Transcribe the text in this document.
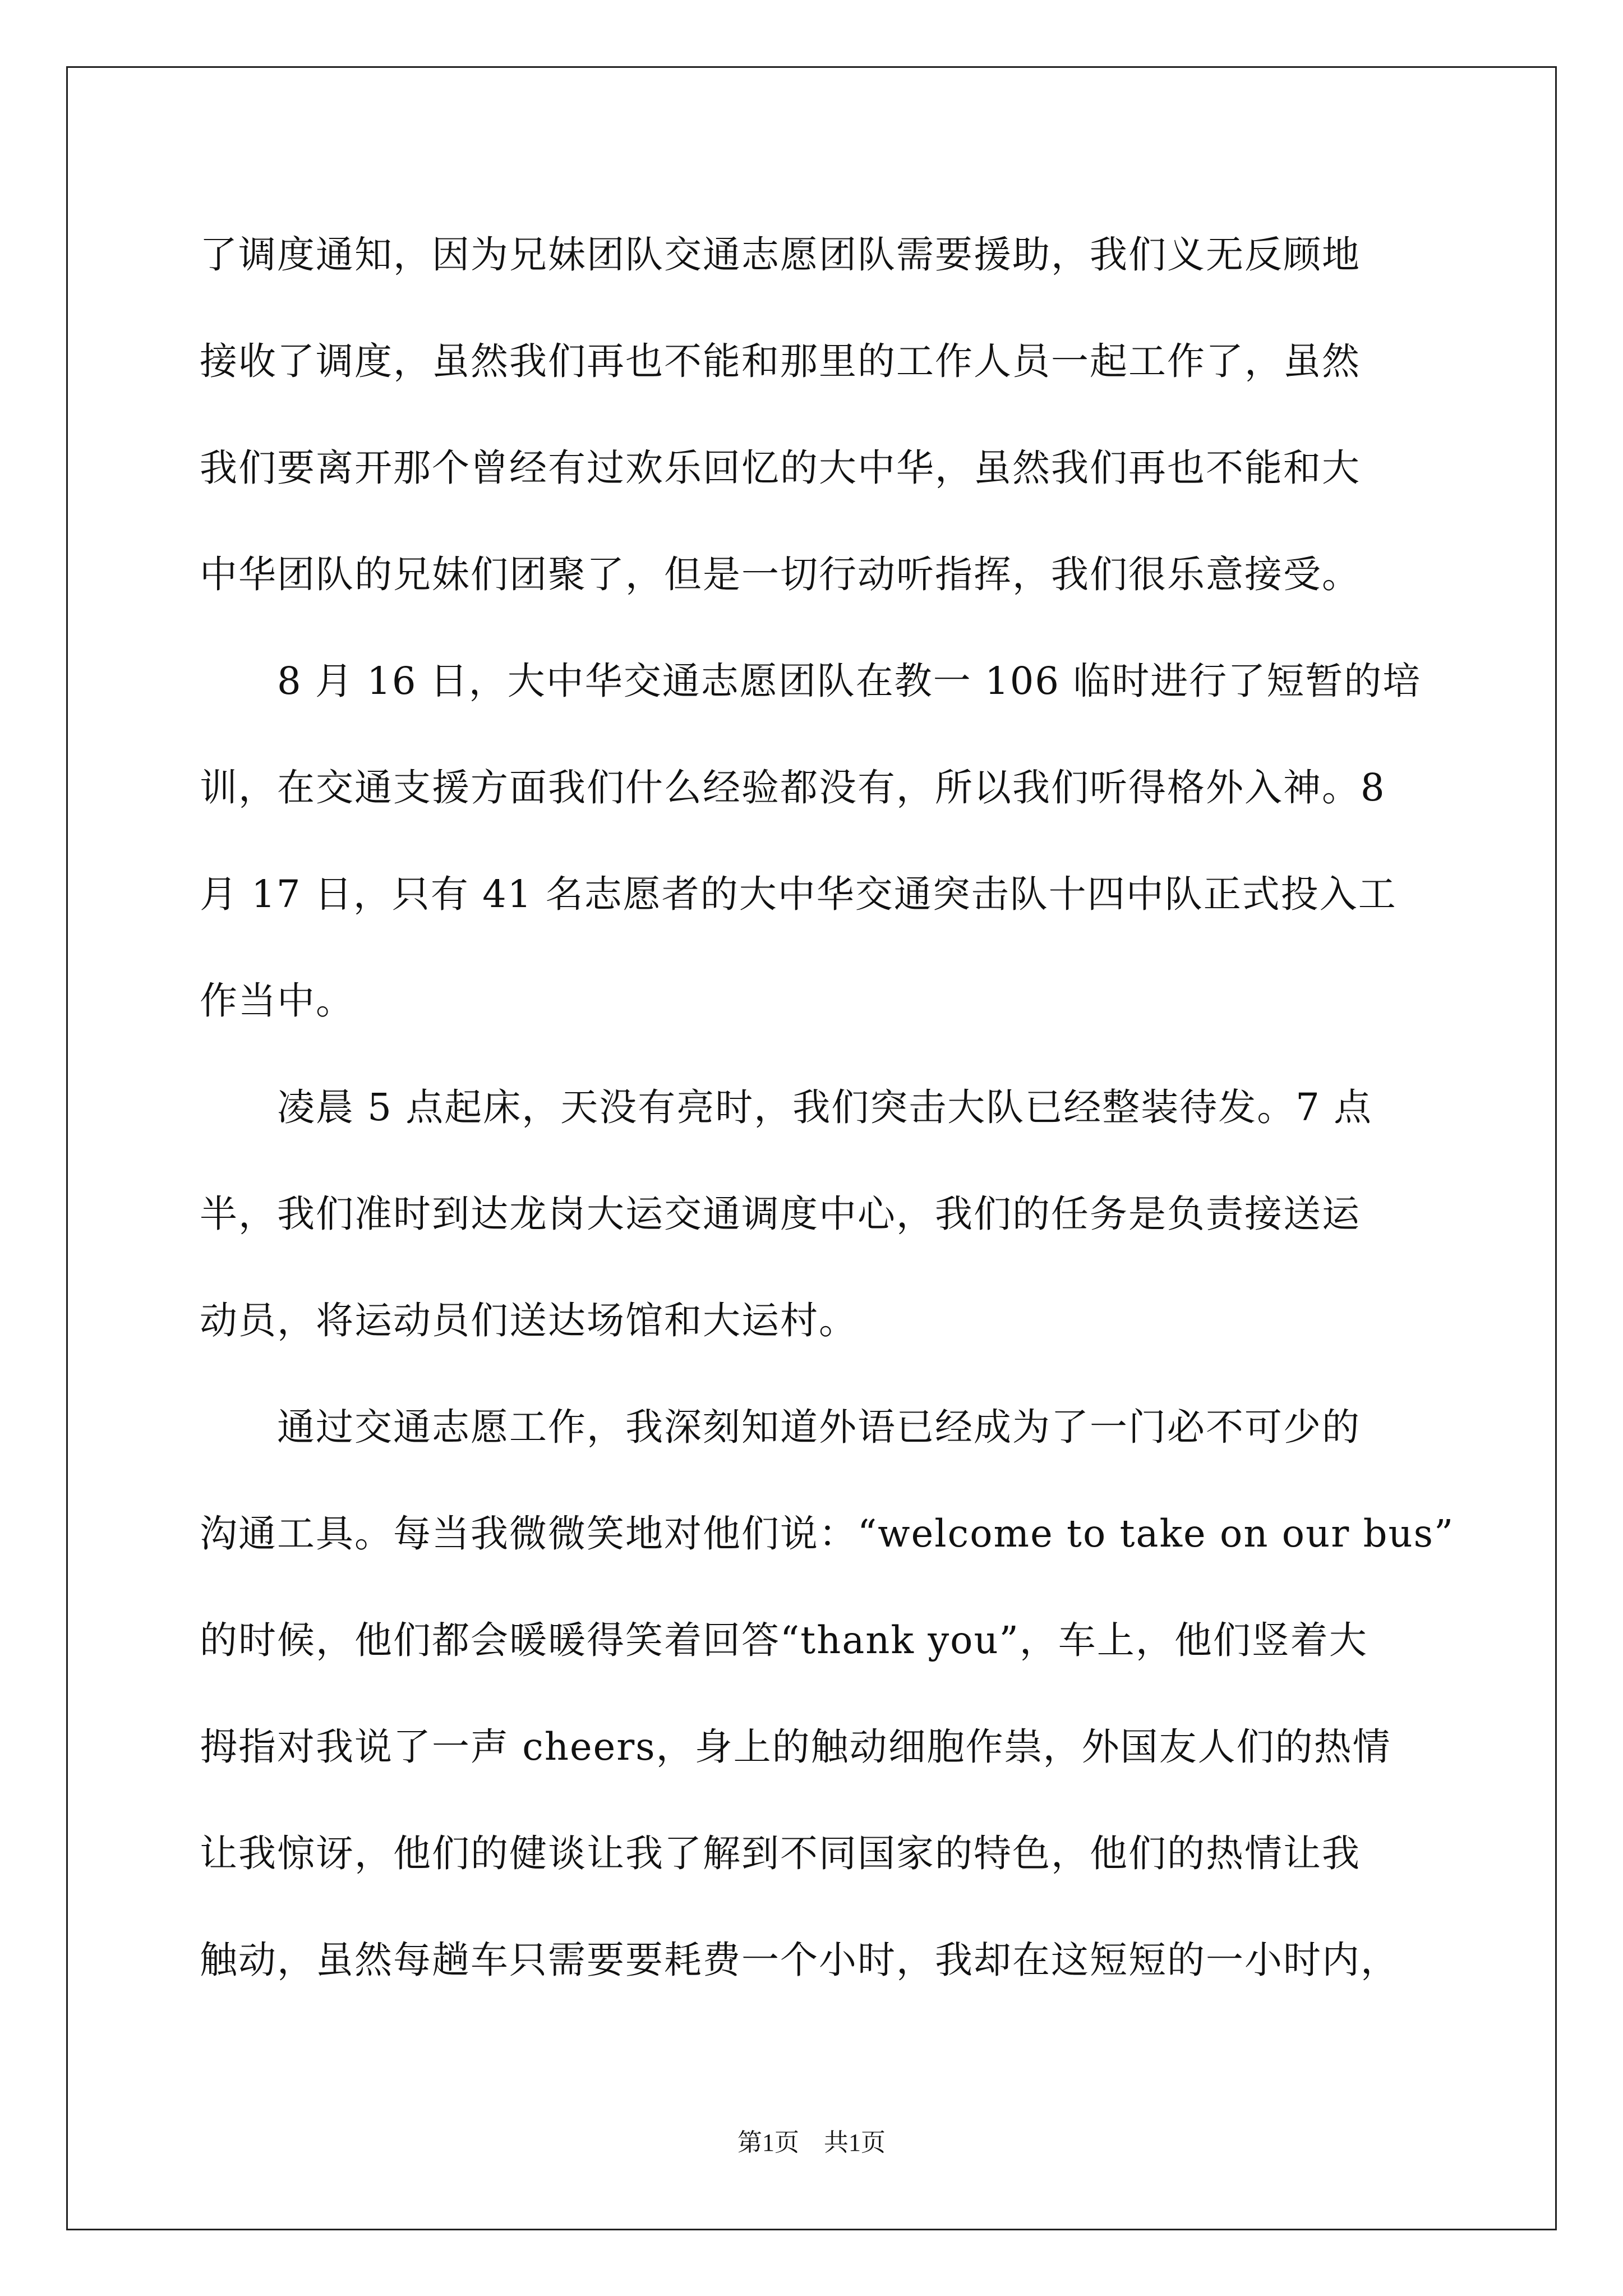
了调度通知，因为兄妹团队交通志愿团队需要援助，我们义无反顾地
接收了调度，虽然我们再也不能和那里的工作人员一起工作了，虽然
我们要离开那个曾经有过欢乐回忆的大中华，虽然我们再也不能和大
中华团队的兄妹们团聚了，但是一切行动听指挥，我们很乐意接受。
　　8 月 16 日，大中华交通志愿团队在教一 106 临时进行了短暂的培
训，在交通支援方面我们什么经验都没有，所以我们听得格外入神。8
月 17 日，只有 41 名志愿者的大中华交通突击队十四中队正式投入工
作当中。
　　凌晨 5 点起床，天没有亮时，我们突击大队已经整装待发。7 点
半，我们准时到达龙岗大运交通调度中心，我们的任务是负责接送运
动员，将运动员们送达场馆和大运村。
　　通过交通志愿工作，我深刻知道外语已经成为了一门必不可少的
沟通工具。每当我微微笑地对他们说：“welcome to take on our bus”
的时候，他们都会暖暖得笑着回答“thank you”，车上，他们竖着大
拇指对我说了一声 cheers，身上的触动细胞作祟，外国友人们的热情
让我惊讶，他们的健谈让我了解到不同国家的特色，他们的热情让我
触动，虽然每趟车只需要要耗费一个小时，我却在这短短的一小时内，
第1页　共1页
